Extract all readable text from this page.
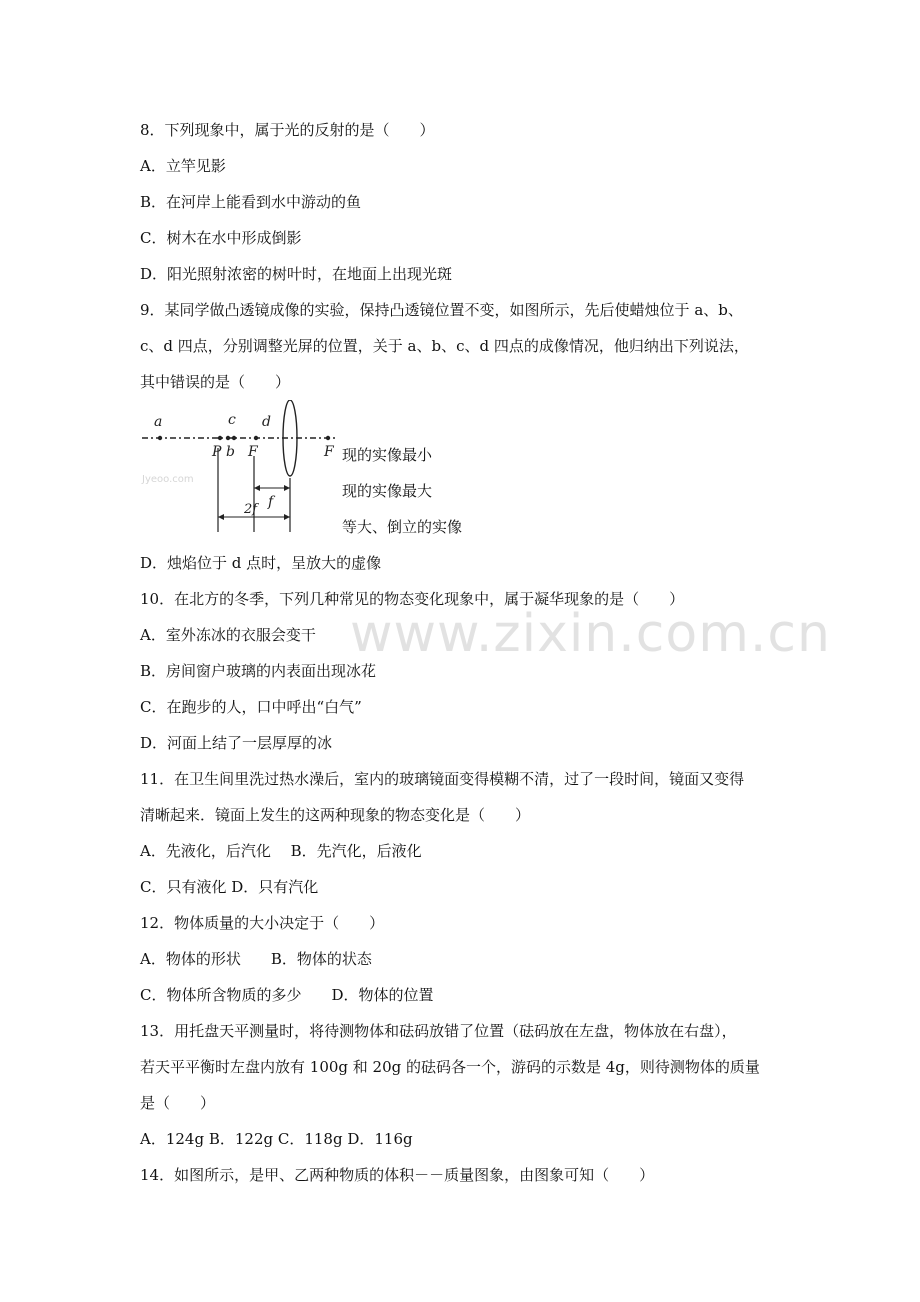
www.zixin.com.cn
8．下列现象中，属于光的反射的是（　　）
A．立竿见影
B．在河岸上能看到水中游动的鱼
C．树木在水中形成倒影
D．阳光照射浓密的树叶时，在地面上出现光斑
9．某同学做凸透镜成像的实验，保持凸透镜位置不变，如图所示，先后使蜡烛位于 a、b、
c、d 四点，分别调整光屏的位置，关于 a、b、c、d 四点的成像情况，他归纳出下列说法，
其中错误的是（　　）
a	c d
P b F	F
f
2f
Jyeoo.com
现的实像最小
现的实像最大
等大、倒立的实像
D．烛焰位于 d 点时，呈放大的虚像
10．在北方的冬季，下列几种常见的物态变化现象中，属于凝华现象的是（　　）
A．室外冻冰的衣服会变干
B．房间窗户玻璃的内表面出现冰花
C．在跑步的人，口中呼出“白气”
D．河面上结了一层厚厚的冰
11．在卫生间里洗过热水澡后，室内的玻璃镜面变得模糊不清，过了一段时间，镜面又变得
清晰起来．镜面上发生的这两种现象的物态变化是（　　）
A．先液化，后汽化　 B．先汽化，后液化
C．只有液化 D．只有汽化
12．物体质量的大小决定于（　　）
A．物体的形状　　B．物体的状态
C．物体所含物质的多少　　D．物体的位置
13．用托盘天平测量时，将待测物体和砝码放错了位置（砝码放在左盘，物体放在右盘），
若天平平衡时左盘内放有 100g 和 20g 的砝码各一个，游码的示数是 4g，则待测物体的质量
是（　　）
A．124g B．122g C．118g D．116g
14．如图所示，是甲、乙两种物质的体积－－质量图象，由图象可知（　　）
